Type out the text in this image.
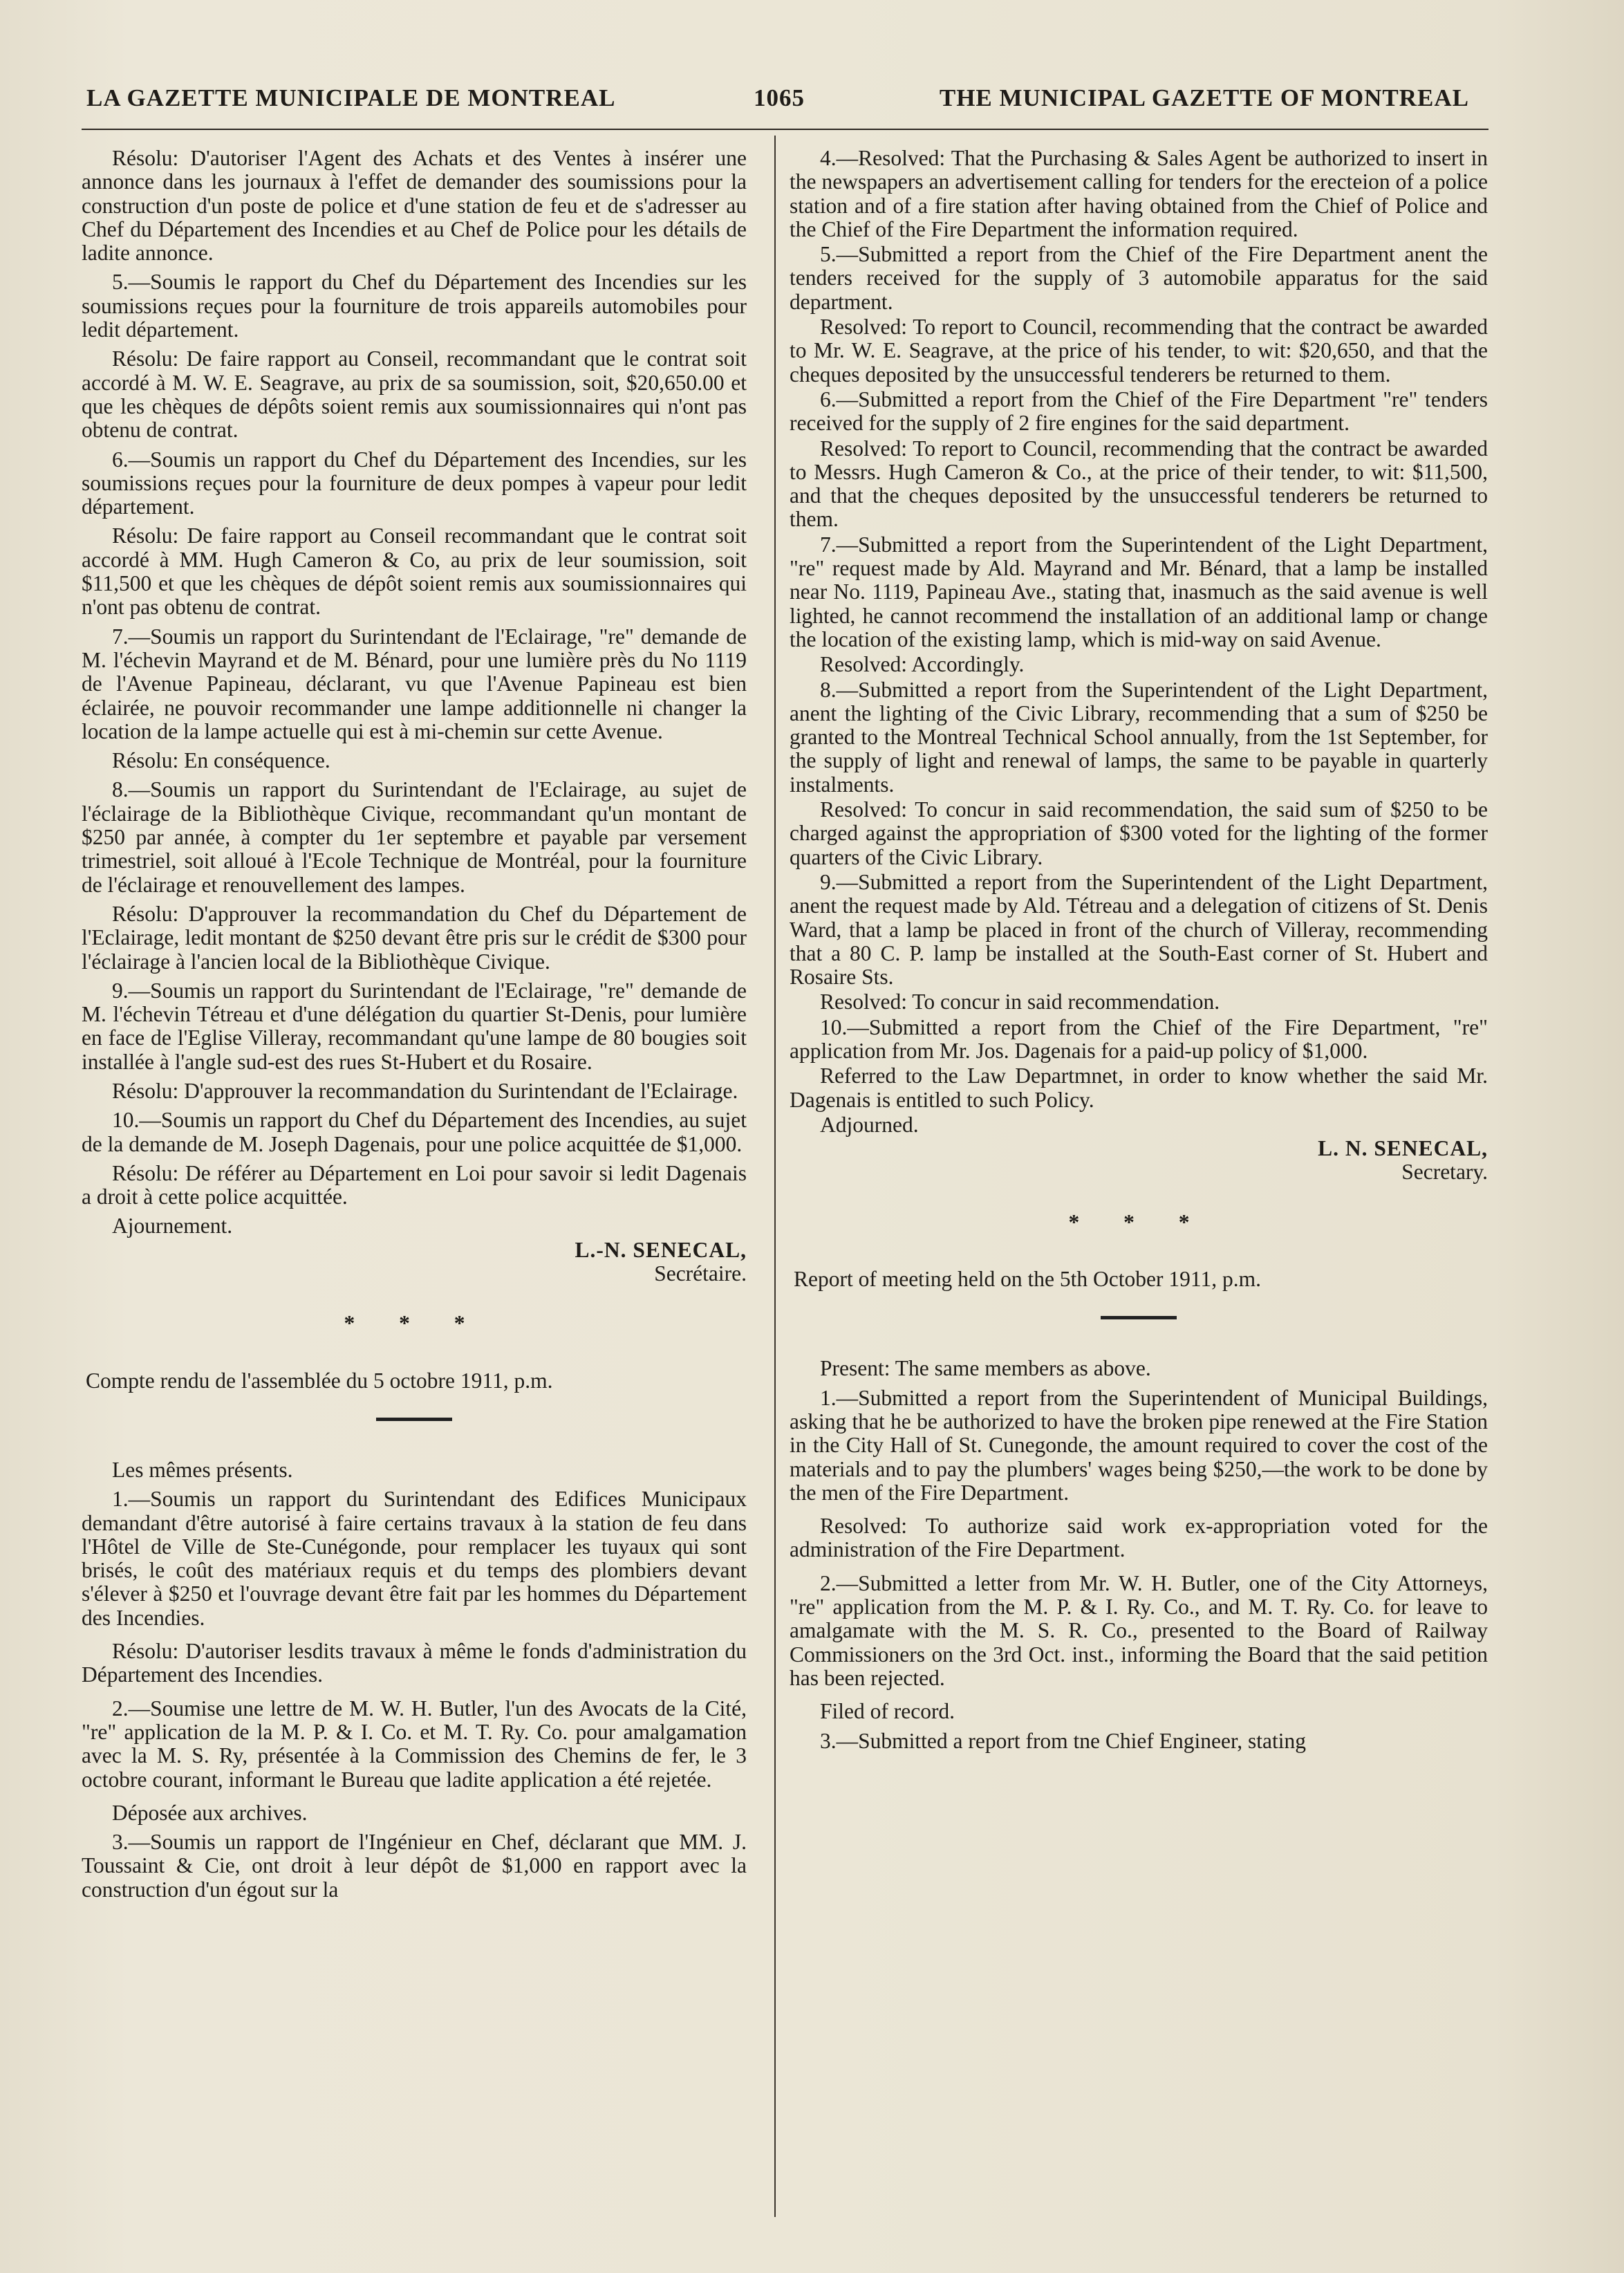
LA GAZETTE MUNICIPALE DE MONTREAL	1065	THE MUNICIPAL GAZETTE OF MONTREAL

Résolu: D'autoriser l'Agent des Achats et des Ventes à insérer une annonce dans les journaux à l'effet de demander des soumissions pour la construction d'un poste de police et d'une station de feu et de s'adresser au Chef du Département des Incendies et au Chef de Police pour les détails de ladite annonce.

5.—Soumis le rapport du Chef du Département des Incendies sur les soumissions reçues pour la fourniture de trois appareils automobiles pour ledit département.

Résolu: De faire rapport au Conseil, recommandant que le contrat soit accordé à M. W. E. Seagrave, au prix de sa soumission, soit, $20,650.00 et que les chèques de dépôts soient remis aux soumissionnaires qui n'ont pas obtenu de contrat.

6.—Soumis un rapport du Chef du Département des Incendies, sur les soumissions reçues pour la fourniture de deux pompes à vapeur pour ledit département.

Résolu: De faire rapport au Conseil recommandant que le contrat soit accordé à MM. Hugh Cameron & Co, au prix de leur soumission, soit $11,500 et que les chèques de dépôt soient remis aux soumissionnaires qui n'ont pas obtenu de contrat.

7.—Soumis un rapport du Surintendant de l'Eclairage, "re" demande de M. l'échevin Mayrand et de M. Bénard, pour une lumière près du No 1119 de l'Avenue Papineau, déclarant, vu que l'Avenue Papineau est bien éclairée, ne pouvoir recommander une lampe additionnelle ni changer la location de la lampe actuelle qui est à mi-chemin sur cette Avenue.

Résolu: En conséquence.

8.—Soumis un rapport du Surintendant de l'Eclairage, au sujet de l'éclairage de la Bibliothèque Civique, recommandant qu'un montant de $250 par année, à compter du 1er septembre et payable par versement trimestriel, soit alloué à l'Ecole Technique de Montréal, pour la fourniture de l'éclairage et renouvellement des lampes.

Résolu: D'approuver la recommandation du Chef du Département de l'Eclairage, ledit montant de $250 devant être pris sur le crédit de $300 pour l'éclairage à l'ancien local de la Bibliothèque Civique.

9.—Soumis un rapport du Surintendant de l'Eclairage, "re" demande de M. l'échevin Tétreau et d'une délégation du quartier St-Denis, pour lumière en face de l'Eglise Villeray, recommandant qu'une lampe de 80 bougies soit installée à l'angle sud-est des rues St-Hubert et du Rosaire.

Résolu: D'approuver la recommandation du Surintendant de l'Eclairage.

10.—Soumis un rapport du Chef du Département des Incendies, au sujet de la demande de M. Joseph Dagenais, pour une police acquittée de $1,000.

Résolu: De référer au Département en Loi pour savoir si ledit Dagenais a droit à cette police acquittée.

Ajournement.

L.-N. SENECAL,

Secrétaire.

* * *

Compte rendu de l'assemblée du 5 octobre 1911, p.m.

Les mêmes présents.

1.—Soumis un rapport du Surintendant des Edifices Municipaux demandant d'être autorisé à faire certains travaux à la station de feu dans l'Hôtel de Ville de Ste-Cunégonde, pour remplacer les tuyaux qui sont brisés, le coût des matériaux requis et du temps des plombiers devant s'élever à $250 et l'ouvrage devant être fait par les hommes du Département des Incendies.

Résolu: D'autoriser lesdits travaux à même le fonds d'administration du Département des Incendies.

2.—Soumise une lettre de M. W. H. Butler, l'un des Avocats de la Cité, "re" application de la M. P. & I. Co. et M. T. Ry. Co. pour amalgamation avec la M. S. Ry, présentée à la Commission des Chemins de fer, le 3 octobre courant, informant le Bureau que ladite application a été rejetée.

Déposée aux archives.

3.—Soumis un rapport de l'Ingénieur en Chef, déclarant que MM. J. Toussaint & Cie, ont droit à leur dépôt de $1,000 en rapport avec la construction d'un égout sur la

4.—Resolved: That the Purchasing & Sales Agent be authorized to insert in the newspapers an advertisement calling for tenders for the erecteion of a police station and of a fire station after having obtained from the Chief of Police and the Chief of the Fire Department the information required.

5.—Submitted a report from the Chief of the Fire Department anent the tenders received for the supply of 3 automobile apparatus for the said department.

Resolved: To report to Council, recommending that the contract be awarded to Mr. W. E. Seagrave, at the price of his tender, to wit: $20,650, and that the cheques deposited by the unsuccessful tenderers be returned to them.

6.—Submitted a report from the Chief of the Fire Department "re" tenders received for the supply of 2 fire engines for the said department.

Resolved: To report to Council, recommending that the contract be awarded to Messrs. Hugh Cameron & Co., at the price of their tender, to wit: $11,500, and that the cheques deposited by the unsuccessful tenderers be returned to them.

7.—Submitted a report from the Superintendent of the Light Department, "re" request made by Ald. Mayrand and Mr. Bénard, that a lamp be installed near No. 1119, Papineau Ave., stating that, inasmuch as the said avenue is well lighted, he cannot recommend the installation of an additional lamp or change the location of the existing lamp, which is mid-way on said Avenue.

Resolved: Accordingly.

8.—Submitted a report from the Superintendent of the Light Department, anent the lighting of the Civic Library, recommending that a sum of $250 be granted to the Montreal Technical School annually, from the 1st September, for the supply of light and renewal of lamps, the same to be payable in quarterly instalments.

Resolved: To concur in said recommendation, the said sum of $250 to be charged against the appropriation of $300 voted for the lighting of the former quarters of the Civic Library.

9.—Submitted a report from the Superintendent of the Light Department, anent the request made by Ald. Tétreau and a delegation of citizens of St. Denis Ward, that a lamp be placed in front of the church of Villeray, recommending that a 80 C. P. lamp be installed at the South-East corner of St. Hubert and Rosaire Sts.

Resolved: To concur in said recommendation.

10.—Submitted a report from the Chief of the Fire Department, "re" application from Mr. Jos. Dagenais for a paid-up policy of $1,000.

Referred to the Law Departmnet, in order to know whether the said Mr. Dagenais is entitled to such Policy.

Adjourned.

L. N. SENECAL,

Secretary.

* * *

Report of meeting held on the 5th October 1911, p.m.

Present: The same members as above.

1.—Submitted a report from the Superintendent of Municipal Buildings, asking that he be authorized to have the broken pipe renewed at the Fire Station in the City Hall of St. Cunegonde, the amount required to cover the cost of the materials and to pay the plumbers' wages being $250,—the work to be done by the men of the Fire Department.

Resolved: To authorize said work ex-appropriation voted for the administration of the Fire Department.

2.—Submitted a letter from Mr. W. H. Butler, one of the City Attorneys, "re" application from the M. P. & I. Ry. Co., and M. T. Ry. Co. for leave to amalgamate with the M. S. R. Co., presented to the Board of Railway Commissioners on the 3rd Oct. inst., informing the Board that the said petition has been rejected.

Filed of record.

3.—Submitted a report from tne Chief Engineer, stating
